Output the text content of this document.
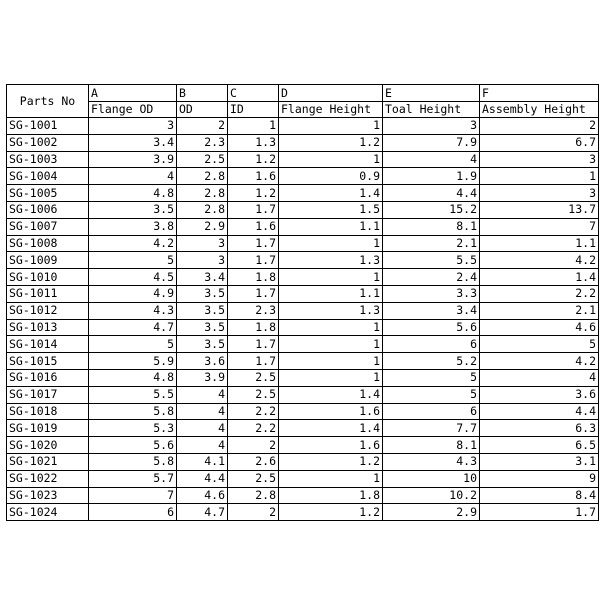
Parts No	A	B	C	D	E	F
	Flange OD	OD	ID	Flange Height	Toal Height	Assembly Height
SG-1001	3	2	1	1	3	2
SG-1002	3.4	2.3	1.3	1.2	7.9	6.7
SG-1003	3.9	2.5	1.2	1	4	3
SG-1004	4	2.8	1.6	0.9	1.9	1
SG-1005	4.8	2.8	1.2	1.4	4.4	3
SG-1006	3.5	2.8	1.7	1.5	15.2	13.7
SG-1007	3.8	2.9	1.6	1.1	8.1	7
SG-1008	4.2	3	1.7	1	2.1	1.1
SG-1009	5	3	1.7	1.3	5.5	4.2
SG-1010	4.5	3.4	1.8	1	2.4	1.4
SG-1011	4.9	3.5	1.7	1.1	3.3	2.2
SG-1012	4.3	3.5	2.3	1.3	3.4	2.1
SG-1013	4.7	3.5	1.8	1	5.6	4.6
SG-1014	5	3.5	1.7	1	6	5
SG-1015	5.9	3.6	1.7	1	5.2	4.2
SG-1016	4.8	3.9	2.5	1	5	4
SG-1017	5.5	4	2.5	1.4	5	3.6
SG-1018	5.8	4	2.2	1.6	6	4.4
SG-1019	5.3	4	2.2	1.4	7.7	6.3
SG-1020	5.6	4	2	1.6	8.1	6.5
SG-1021	5.8	4.1	2.6	1.2	4.3	3.1
SG-1022	5.7	4.4	2.5	1	10	9
SG-1023	7	4.6	2.8	1.8	10.2	8.4
SG-1024	6	4.7	2	1.2	2.9	1.7
